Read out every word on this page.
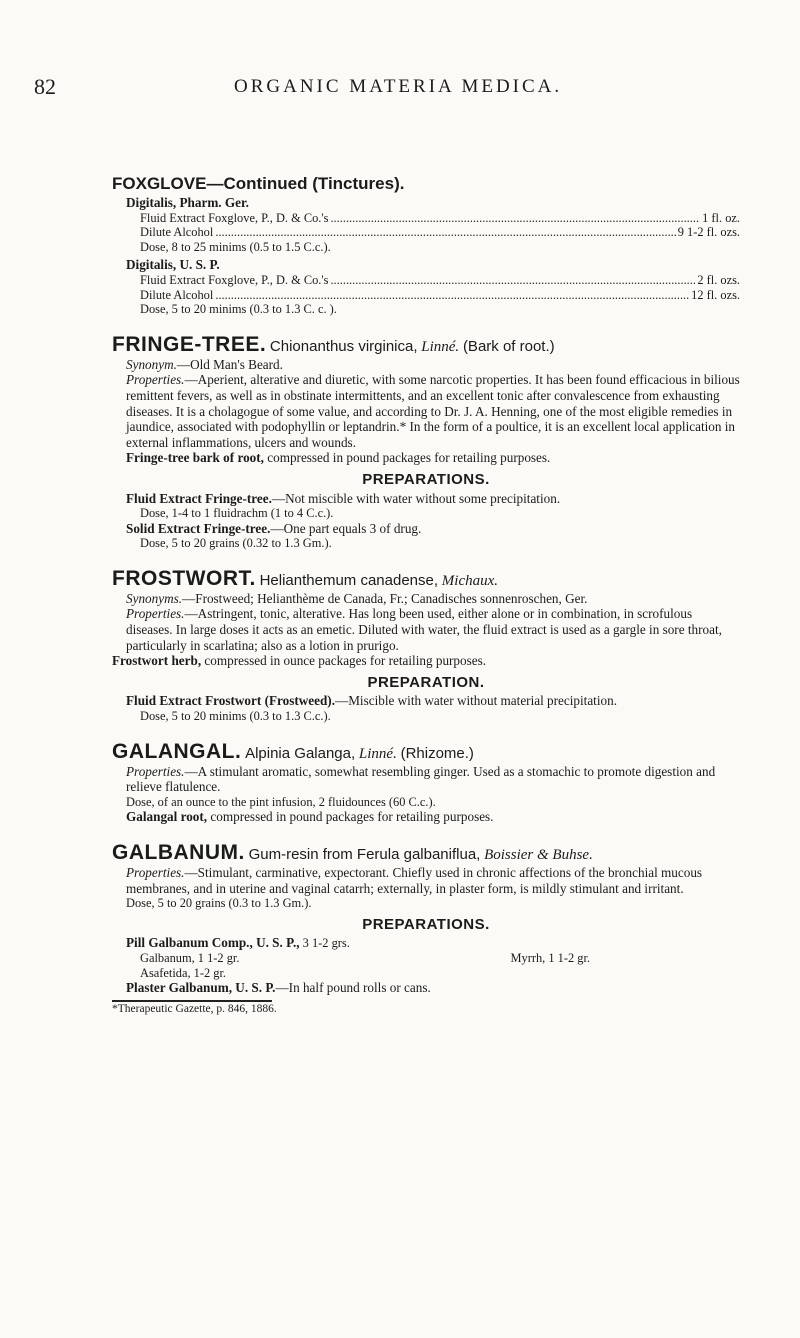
82	ORGANIC MATERIA MEDICA.

FOXGLOVE—Continued (Tinctures).

Digitalis, Pharm. Ger.

Fluid Extract Foxglove, P., D. & Co.'s .....	1 fl. oz.
Dilute Alcohol .....	9 1-2 fl. ozs.

Dose, 8 to 25 minims (0.5 to 1.5 C.c.).

Digitalis, U. S. P.

Fluid Extract Foxglove, P., D. & Co.'s .....	2 fl. ozs.
Dilute Alcohol .....	12 fl. ozs.

Dose, 5 to 20 minims (0.3 to 1.3 C. c. ).

FRINGE-TREE. Chionanthus virginica, Linné. (Bark of root.)

Synonym.—Old Man's Beard.

Properties.—Aperient, alterative and diuretic, with some narcotic properties. It has been found efficacious in bilious remittent fevers, as well as in obstinate intermittents, and an excellent tonic after convalescence from exhausting diseases. It is a cholagogue of some value, and according to Dr. J. A. Henning, one of the most eligible remedies in jaundice, associated with podophyllin or leptandrin.* In the form of a poultice, it is an excellent local application in external inflammations, ulcers and wounds.

Fringe-tree bark of root, compressed in pound packages for retailing purposes.

PREPARATIONS.

Fluid Extract Fringe-tree.—Not miscible with water without some precipitation.

Dose, 1-4 to 1 fluidrachm (1 to 4 C.c.).

Solid Extract Fringe-tree.—One part equals 3 of drug.

Dose, 5 to 20 grains (0.32 to 1.3 Gm.).

FROSTWORT. Helianthemum canadense, Michaux.

Synonyms.—Frostweed; Helianthème de Canada, Fr.; Canadisches sonnenroschen, Ger.

Properties.—Astringent, tonic, alterative. Has long been used, either alone or in combination, in scrofulous diseases. In large doses it acts as an emetic. Diluted with water, the fluid extract is used as a gargle in sore throat, particularly in scarlatina; also as a lotion in prurigo.

Frostwort herb, compressed in ounce packages for retailing purposes.

PREPARATION.

Fluid Extract Frostwort (Frostweed).—Miscible with water without material precipitation.

Dose, 5 to 20 minims (0.3 to 1.3 C.c.).

GALANGAL. Alpinia Galanga, Linné. (Rhizome.)

Properties.—A stimulant aromatic, somewhat resembling ginger. Used as a stomachic to promote digestion and relieve flatulence.

Dose, of an ounce to the pint infusion, 2 fluidounces (60 C.c.).

Galangal root, compressed in pound packages for retailing purposes.

GALBANUM. Gum-resin from Ferula galbaniflua, Boissier & Buhse.

Properties.—Stimulant, carminative, expectorant. Chiefly used in chronic affections of the bronchial mucous membranes, and in uterine and vaginal catarrh; externally, in plaster form, is mildly stimulant and irritant.

Dose, 5 to 20 grains (0.3 to 1.3 Gm.).

PREPARATIONS.

Pill Galbanum Comp., U. S. P., 3 1-2 grs.

Galbanum, 1 1-2 gr.	Myrrh, 1 1-2 gr.

Asafetida, 1-2 gr.

Plaster Galbanum, U. S. P.—In half pound rolls or cans.

*Therapeutic Gazette, p. 846, 1886.
